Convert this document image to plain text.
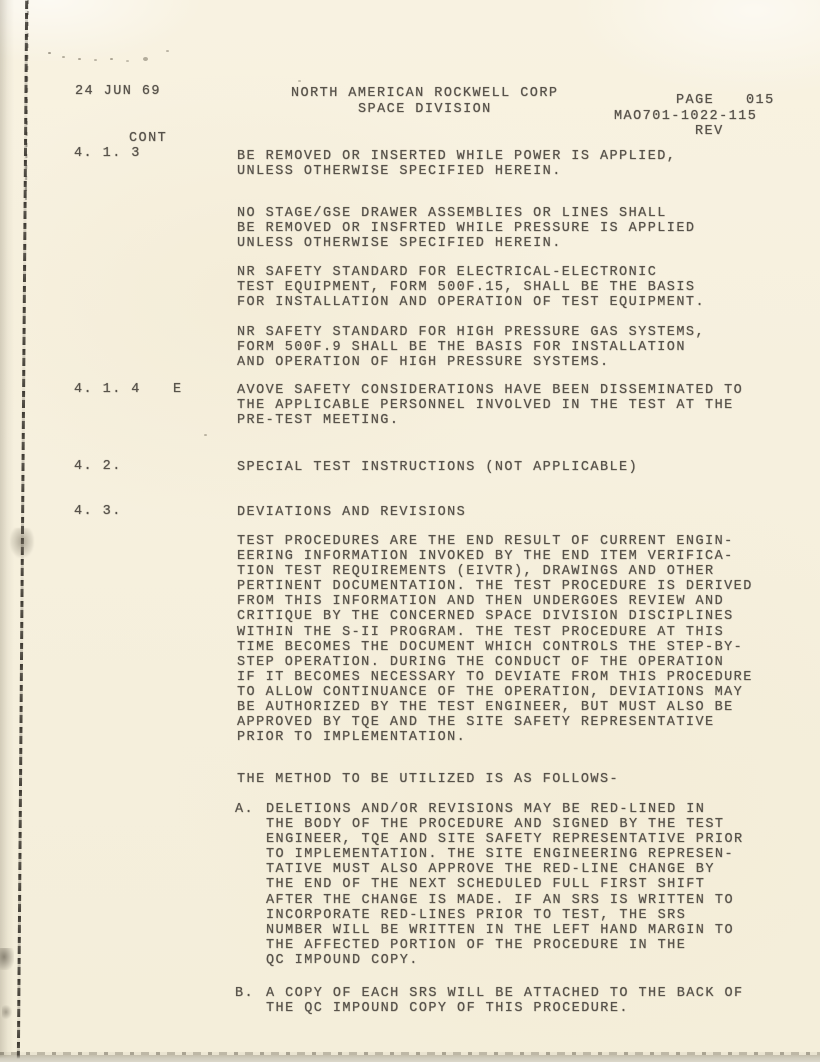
24 JUN 69	NORTH AMERICAN ROCKWELL CORP
SPACE DIVISION
PAGE 015
MAO701-1022-115
REV
CONT
4. 1. 3
4. 1. 4 E
4. 2.
4. 3.
A.
B.
BE REMOVED OR INSERTED WHILE POWER IS APPLIED,
UNLESS OTHERWISE SPECIFIED HEREIN.
NO STAGE/GSE DRAWER ASSEMBLIES OR LINES SHALL
BE REMOVED OR INSFRTED WHILE PRESSURE IS APPLIED
UNLESS OTHERWISE SPECIFIED HEREIN.
NR SAFETY STANDARD FOR ELECTRICAL-ELECTRONIC
TEST EQUIPMENT, FORM 500F.15, SHALL BE THE BASIS
FOR INSTALLATION AND OPERATION OF TEST EQUIPMENT.
NR SAFETY STANDARD FOR HIGH PRESSURE GAS SYSTEMS,
FORM 500F.9 SHALL BE THE BASIS FOR INSTALLATION
AND OPERATION OF HIGH PRESSURE SYSTEMS.
AVOVE SAFETY CONSIDERATIONS HAVE BEEN DISSEMINATED TO
THE APPLICABLE PERSONNEL INVOLVED IN THE TEST AT THE
PRE-TEST MEETING.
SPECIAL TEST INSTRUCTIONS (NOT APPLICABLE)
DEVIATIONS AND REVISIONS
TEST PROCEDURES ARE THE END RESULT OF CURRENT ENGIN-
EERING INFORMATION INVOKED BY THE END ITEM VERIFICA-
TION TEST REQUIREMENTS (EIVTR), DRAWINGS AND OTHER
PERTINENT DOCUMENTATION. THE TEST PROCEDURE IS DERIVED
FROM THIS INFORMATION AND THEN UNDERGOES REVIEW AND
CRITIQUE BY THE CONCERNED SPACE DIVISION DISCIPLINES
WITHIN THE S-II PROGRAM. THE TEST PROCEDURE AT THIS
TIME BECOMES THE DOCUMENT WHICH CONTROLS THE STEP-BY-
STEP OPERATION. DURING THE CONDUCT OF THE OPERATION
IF IT BECOMES NECESSARY TO DEVIATE FROM THIS PROCEDURE
TO ALLOW CONTINUANCE OF THE OPERATION, DEVIATIONS MAY
BE AUTHORIZED BY THE TEST ENGINEER, BUT MUST ALSO BE
APPROVED BY TQE AND THE SITE SAFETY REPRESENTATIVE
PRIOR TO IMPLEMENTATION.
THE METHOD TO BE UTILIZED IS AS FOLLOWS-
DELETIONS AND/OR REVISIONS MAY BE RED-LINED IN
THE BODY OF THE PROCEDURE AND SIGNED BY THE TEST
ENGINEER, TQE AND SITE SAFETY REPRESENTATIVE PRIOR
TO IMPLEMENTATION. THE SITE ENGINEERING REPRESEN-
TATIVE MUST ALSO APPROVE THE RED-LINE CHANGE BY
THE END OF THE NEXT SCHEDULED FULL FIRST SHIFT
AFTER THE CHANGE IS MADE. IF AN SRS IS WRITTEN TO
INCORPORATE RED-LINES PRIOR TO TEST, THE SRS
NUMBER WILL BE WRITTEN IN THE LEFT HAND MARGIN TO
THE AFFECTED PORTION OF THE PROCEDURE IN THE
QC IMPOUND COPY.
A COPY OF EACH SRS WILL BE ATTACHED TO THE BACK OF
THE QC IMPOUND COPY OF THIS PROCEDURE.
